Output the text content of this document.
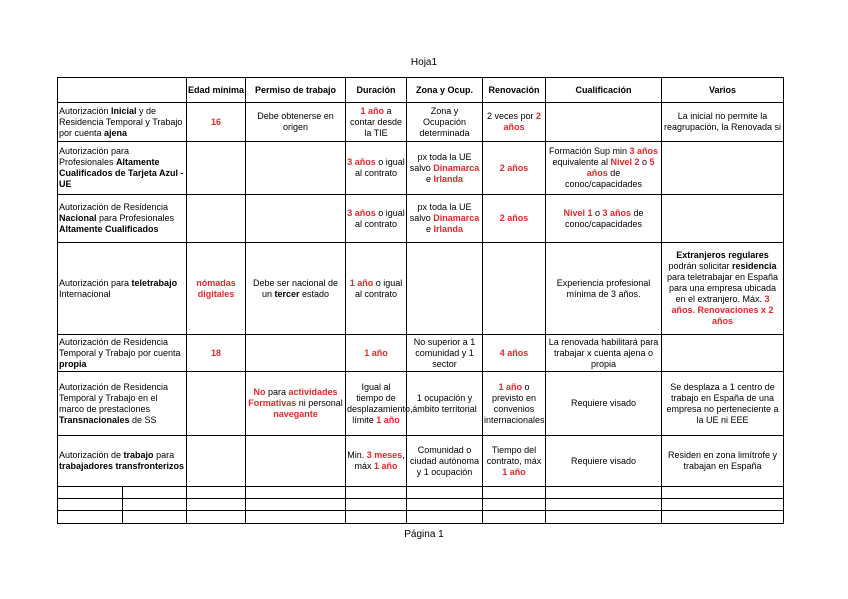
Hoja1
		Edad mínima	Permiso de trabajo	Duración	Zona y Ocup.	Renovación	Cualificación	Varios
Autorización Inicial y de Residencia Temporal y Trabajo por cuenta ajena		16	Debe obtenerse en origen	1 año a contar desde la TIE	Zona y Ocupación determinada	2 veces por 2 años		La inicial no permite la reagrupación, la Renovada si
Autorización para Profesionales Altamente Cualificados de Tarjeta Azul -UE				3 años o igual al contrato	px toda la UE salvo Dinamarca e Irlanda	2 años	Formación Sup min 3 años equivalente al Nivel 2 o 5 años de conoc/capacidades	
Autorización de Residencia Nacional para Profesionales Altamente Cualificados				3 años o igual al contrato	px toda la UE salvo Dinamarca e Irlanda	2 años	Nivel 1 o 3 años de conoc/capacidades	
Autorización para teletrabajo Internacional		nómadas digitales	Debe ser nacional de un tercer estado	1 año o igual al contrato			Experiencia profesional mínima de 3 años.	Extranjeros regulares podrán solicitar residencia para teletrabajar en España para una empresa ubicada en el extranjero. Máx. 3 años. Renovaciones x 2 años
Autorización de Residencia Temporal y Trabajo por cuenta propia		18		1 año	No superior a 1 comunidad y 1 sector	4 años	La renovada habilitará para trabajar x cuenta ajena o propia	
Autorización de Residencia Temporal y Trabajo en el marco de prestaciones Transnacionales de SS			No para actividades Formativas ni personal navegante	Igual al tiempo de desplazamiento, límite 1 año	1 ocupación y ámbito territorial	1 año o previsto en convenios internacionales	Requiere visado	Se desplaza a 1 centro de trabajo en España de una empresa no perteneciente a la UE ni EEE
Autorización de trabajo para trabajadores transfronterizos				Min. 3 meses, máx 1 año	Comunidad o ciudad autónoma y 1 ocupación	Tiempo del contrato, máx 1 año	Requiere visado	Residen en zona limítrofe y trabajan en España

Página 1
